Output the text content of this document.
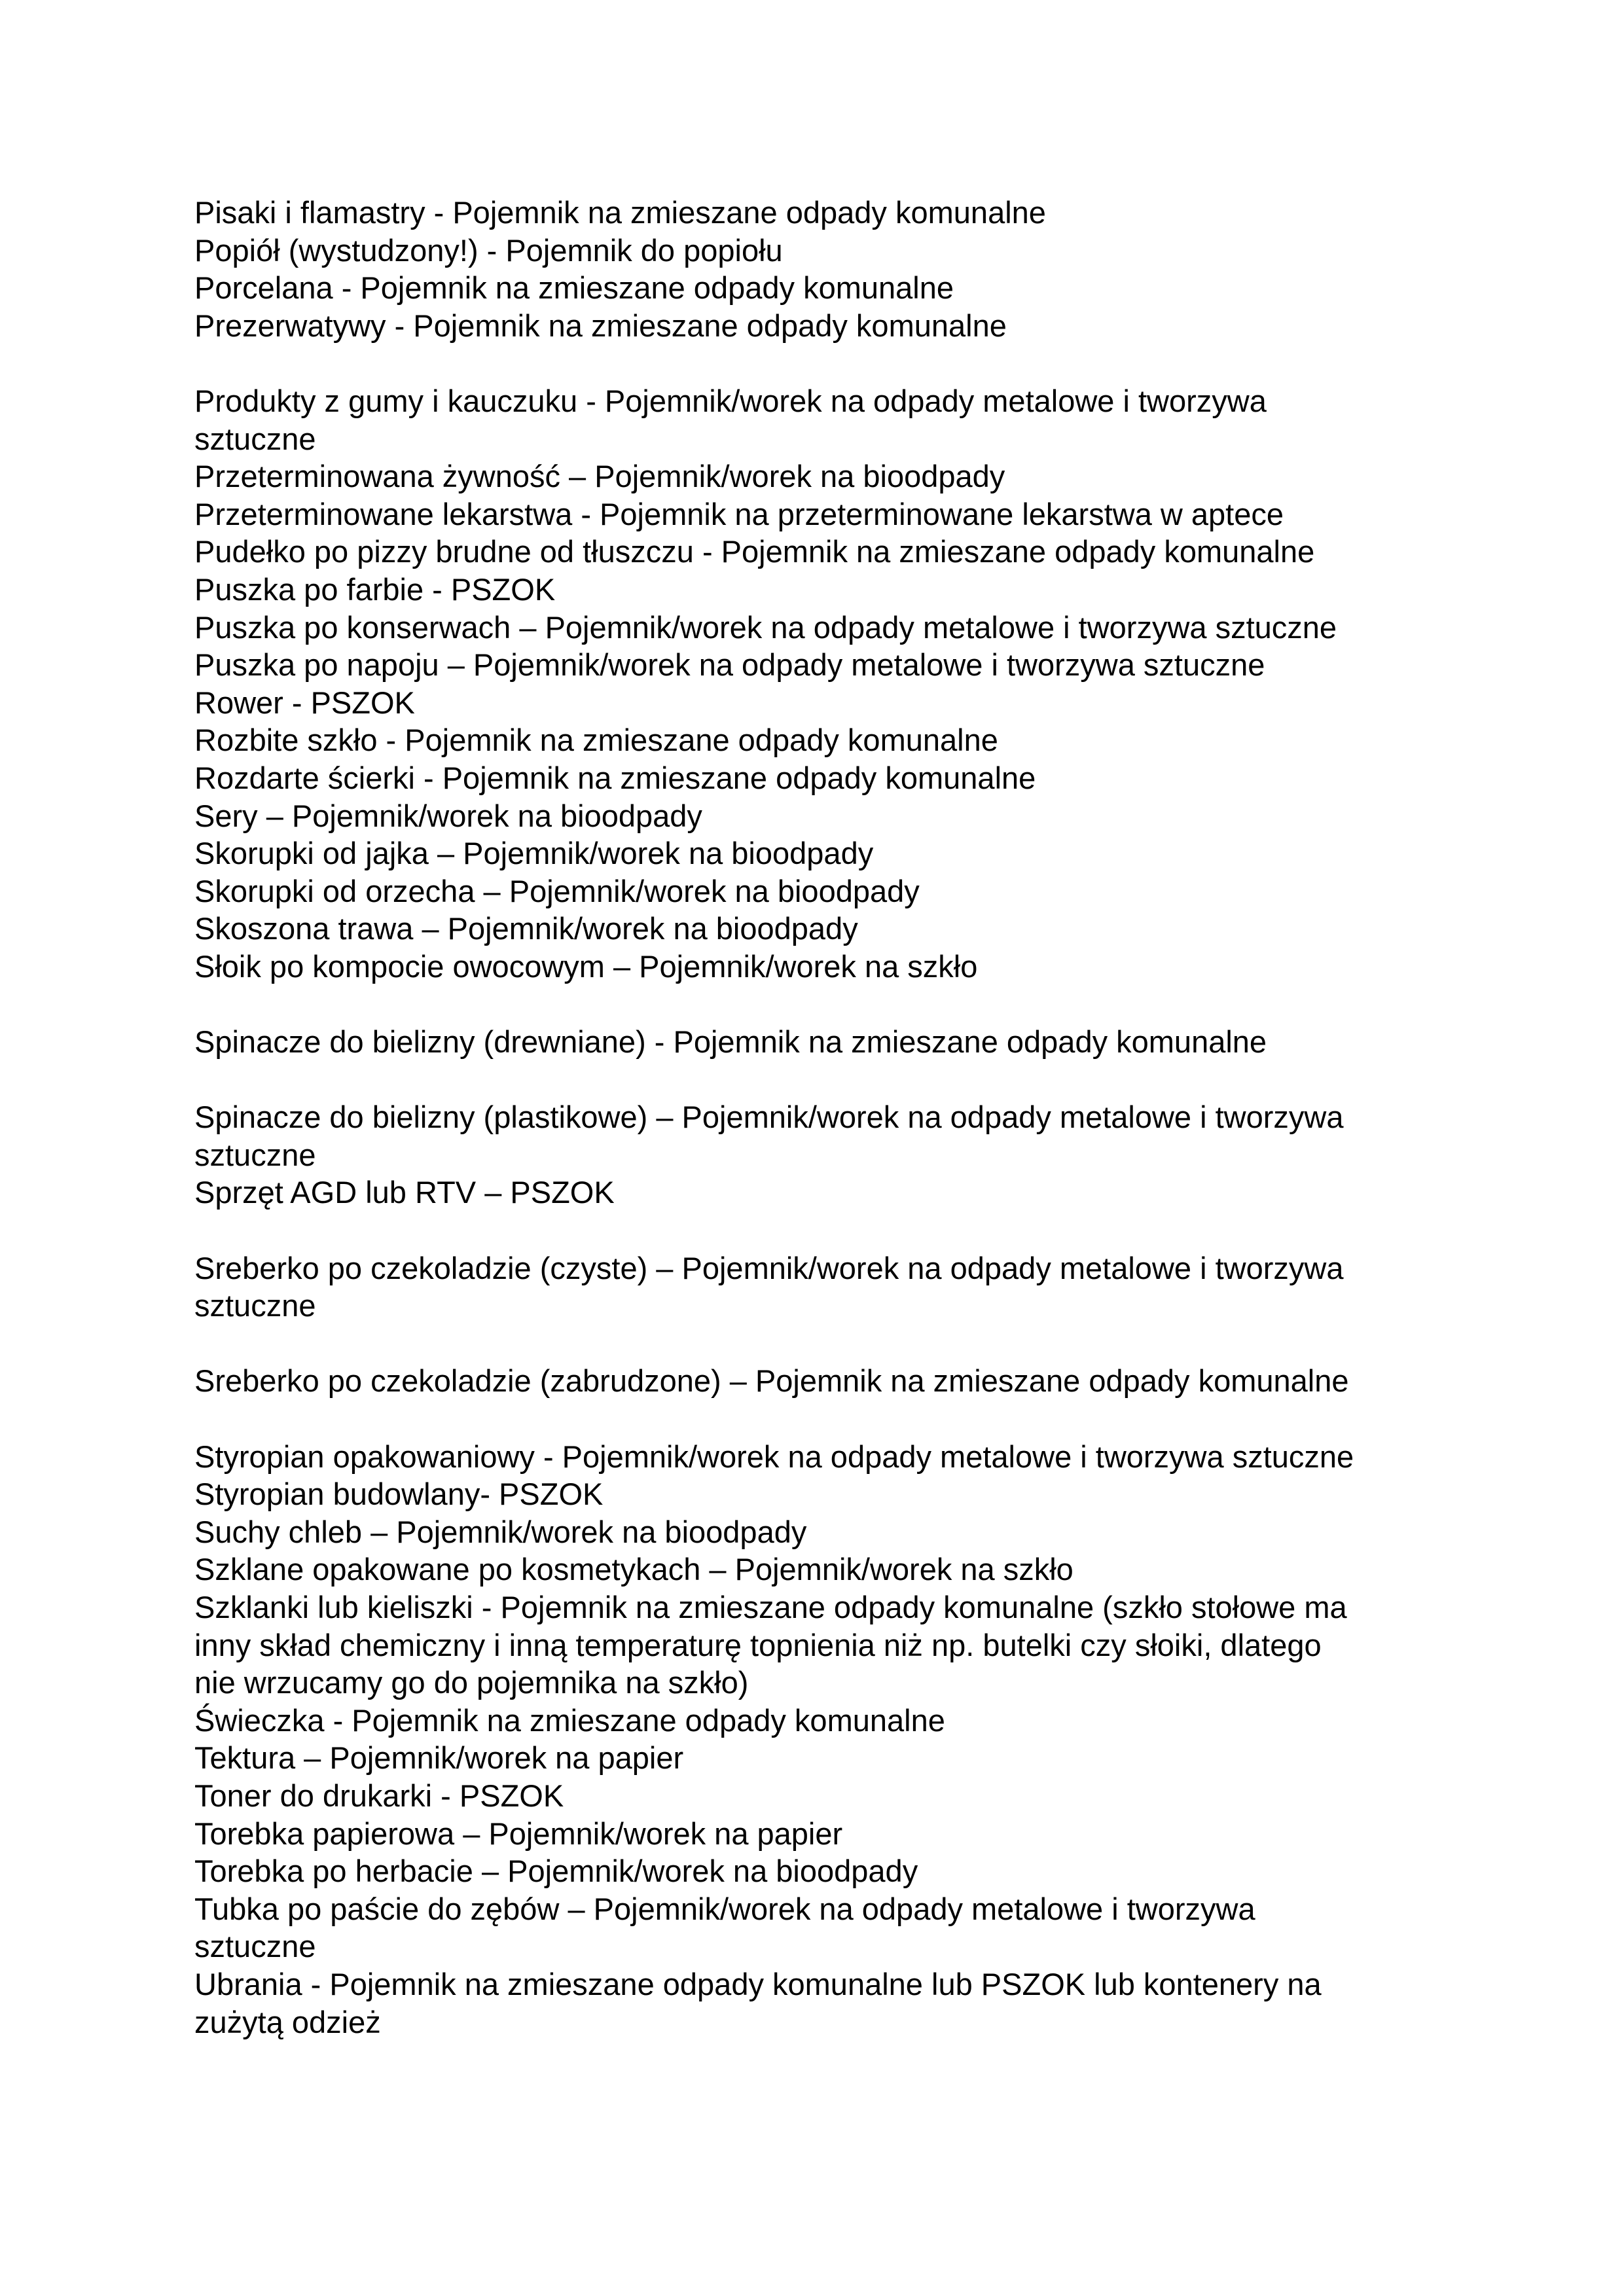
Pisaki i flamastry - Pojemnik na zmieszane odpady komunalne

Popiół (wystudzony!) - Pojemnik do popiołu

Porcelana - Pojemnik na zmieszane odpady komunalne

Prezerwatywy - Pojemnik na zmieszane odpady komunalne

Produkty z gumy i kauczuku - Pojemnik/worek na odpady metalowe i tworzywa

sztuczne

Przeterminowana żywność – Pojemnik/worek na bioodpady

Przeterminowane lekarstwa - Pojemnik na przeterminowane lekarstwa w aptece

Pudełko po pizzy brudne od tłuszczu - Pojemnik na zmieszane odpady komunalne

Puszka po farbie - PSZOK

Puszka po konserwach – Pojemnik/worek na odpady metalowe i tworzywa sztuczne

Puszka po napoju – Pojemnik/worek na odpady metalowe i tworzywa sztuczne

Rower - PSZOK

Rozbite szkło - Pojemnik na zmieszane odpady komunalne

Rozdarte ścierki - Pojemnik na zmieszane odpady komunalne

Sery – Pojemnik/worek na bioodpady

Skorupki od jajka – Pojemnik/worek na bioodpady

Skorupki od orzecha – Pojemnik/worek na bioodpady

Skoszona trawa – Pojemnik/worek na bioodpady

Słoik po kompocie owocowym – Pojemnik/worek na szkło

Spinacze do bielizny (drewniane) - Pojemnik na zmieszane odpady komunalne

Spinacze do bielizny (plastikowe) – Pojemnik/worek na odpady metalowe i tworzywa

sztuczne

Sprzęt AGD lub RTV – PSZOK

Sreberko po czekoladzie (czyste) – Pojemnik/worek na odpady metalowe i tworzywa

sztuczne

Sreberko po czekoladzie (zabrudzone) – Pojemnik na zmieszane odpady komunalne

Styropian opakowaniowy - Pojemnik/worek na odpady metalowe i tworzywa sztuczne

Styropian budowlany- PSZOK

Suchy chleb – Pojemnik/worek na bioodpady

Szklane opakowane po kosmetykach – Pojemnik/worek na szkło

Szklanki lub kieliszki - Pojemnik na zmieszane odpady komunalne (szkło stołowe ma

inny skład chemiczny i inną temperaturę topnienia niż np. butelki czy słoiki, dlatego

nie wrzucamy go do pojemnika na szkło)

Świeczka - Pojemnik na zmieszane odpady komunalne

Tektura – Pojemnik/worek na papier

Toner do drukarki - PSZOK

Torebka papierowa – Pojemnik/worek na papier

Torebka po herbacie – Pojemnik/worek na bioodpady

Tubka po paście do zębów – Pojemnik/worek na odpady metalowe i tworzywa

sztuczne

Ubrania - Pojemnik na zmieszane odpady komunalne lub PSZOK lub kontenery na

zużytą odzież
